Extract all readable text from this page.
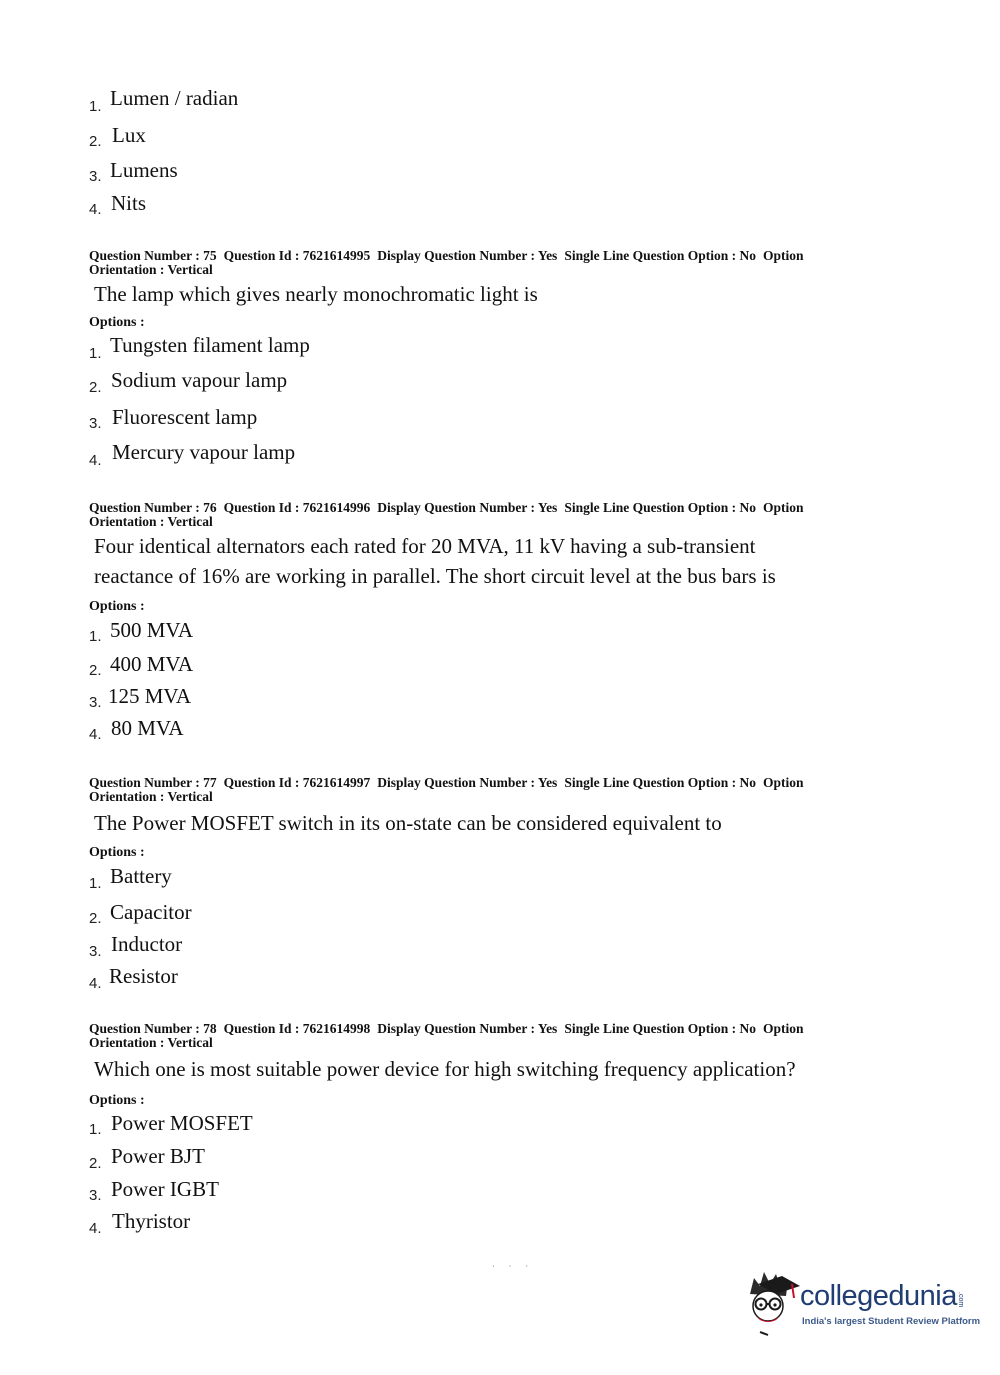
1. Lumen / radian
2. Lux
3. Lumens
4. Nits
Question Number : 75 Question Id : 7621614995 Display Question Number : Yes Single Line Question Option : No Option Orientation : Vertical
The lamp which gives nearly monochromatic light is
Options :
1. Tungsten filament lamp
2. Sodium vapour lamp
3. Fluorescent lamp
4. Mercury vapour lamp
Question Number : 76 Question Id : 7621614996 Display Question Number : Yes Single Line Question Option : No Option Orientation : Vertical
Four identical alternators each rated for 20 MVA, 11 kV having a sub-transient reactance of 16% are working in parallel. The short circuit level at the bus bars is
Options :
1. 500 MVA
2. 400 MVA
3. 125 MVA
4. 80 MVA
Question Number : 77 Question Id : 7621614997 Display Question Number : Yes Single Line Question Option : No Option Orientation : Vertical
The Power MOSFET switch in its on-state can be considered equivalent to
Options :
1. Battery
2. Capacitor
3. Inductor
4. Resistor
Question Number : 78 Question Id : 7621614998 Display Question Number : Yes Single Line Question Option : No Option Orientation : Vertical
Which one is most suitable power device for high switching frequency application?
Options :
1. Power MOSFET
2. Power BJT
3. Power IGBT
4. Thyristor
···
collegedunia .com
India's largest Student Review Platform
